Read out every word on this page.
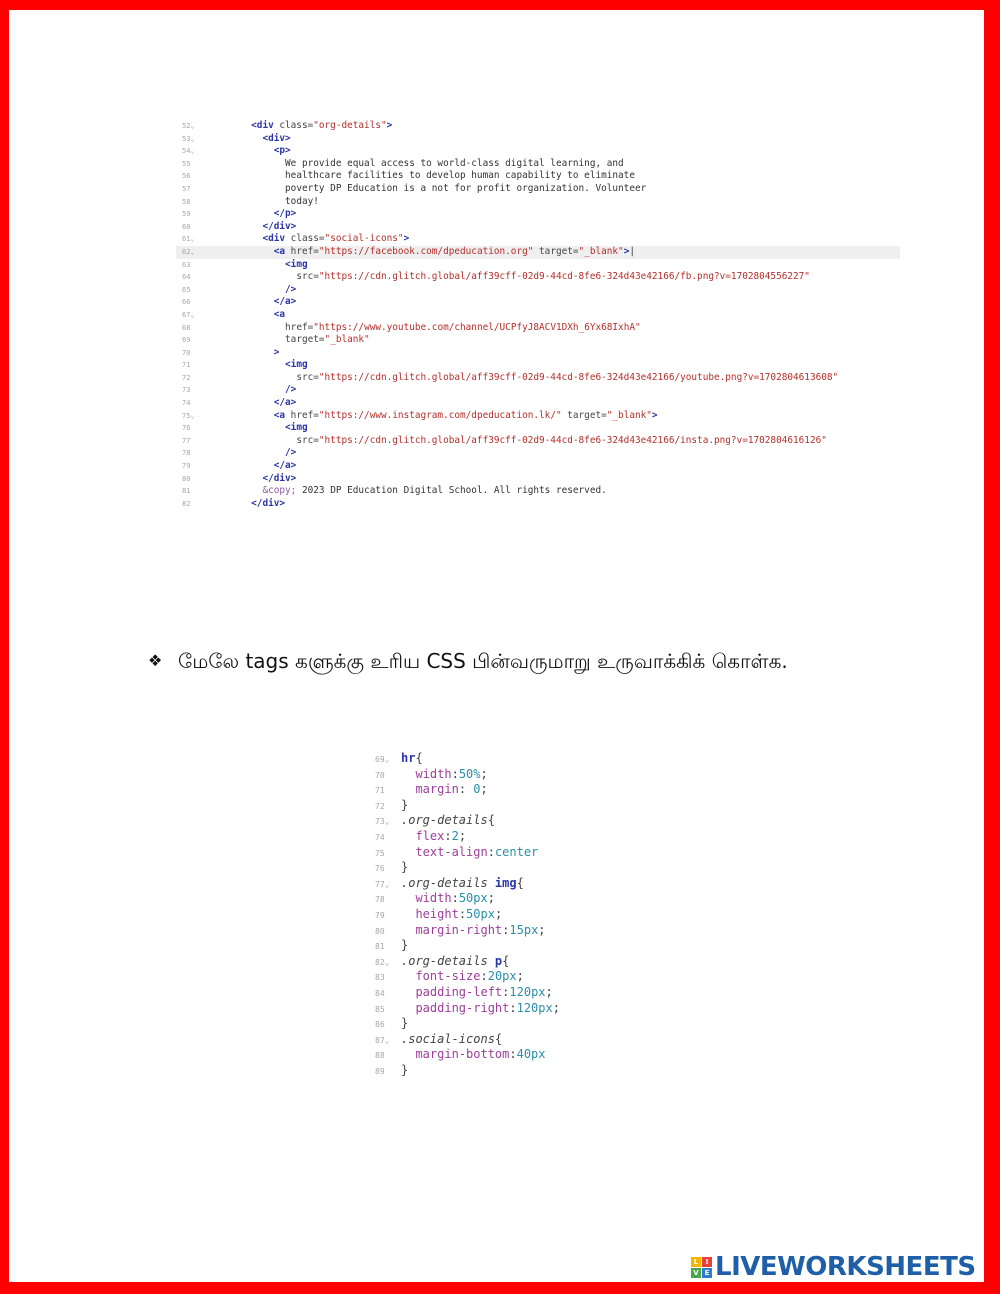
52⌄	<div class="org-details">
53⌄	<div>
54⌄	<p>
55	We provide equal access to world-class digital learning, and
56	healthcare facilities to develop human capability to eliminate
57	poverty DP Education is a not for profit organization. Volunteer
58	today!
59	</p>
60	</div>
61⌄	<div class="social-icons">
62⌄	<a href="https://facebook.com/dpeducation.org" target="_blank">|
63	<img
64	src="https://cdn.glitch.global/aff39cff-02d9-44cd-8fe6-324d43e42166/fb.png?v=1702804556227"
65	/>
66	</a>
67⌄	<a
68	href="https://www.youtube.com/channel/UCPfyJ8ACV1DXh_6Yx68IxhA"
69	target="_blank"
70	>
71	<img
72	src="https://cdn.glitch.global/aff39cff-02d9-44cd-8fe6-324d43e42166/youtube.png?v=1702804613608"
73	/>
74	</a>
75⌄	<a href="https://www.instagram.com/dpeducation.lk/" target="_blank">
76	<img
77	src="https://cdn.glitch.global/aff39cff-02d9-44cd-8fe6-324d43e42166/insta.png?v=1702804616126"
78	/>
79	</a>
80	</div>
81	&copy; 2023 DP Education Digital School. All rights reserved.
82	</div>
❖ மேலே tags களுக்கு உரிய CSS பின்வருமாறு உருவாக்கிக் கொள்க.
69⌄ hr{
70	width:50%;
71	margin: 0;
72 }
73⌄ .org-details{
74	flex:2;
75	text-align:center
76 }
77⌄ .org-details img{
78	width:50px;
79	height:50px;
80	margin-right:15px;
81 }
82⌄ .org-details p{
83	font-size:20px;
84	padding-left:120px;
85	padding-right:120px;
86 }
87⌄ .social-icons{
88	margin-bottom:40px
89 }
L	I
V E LIVEWORKSHEETS
